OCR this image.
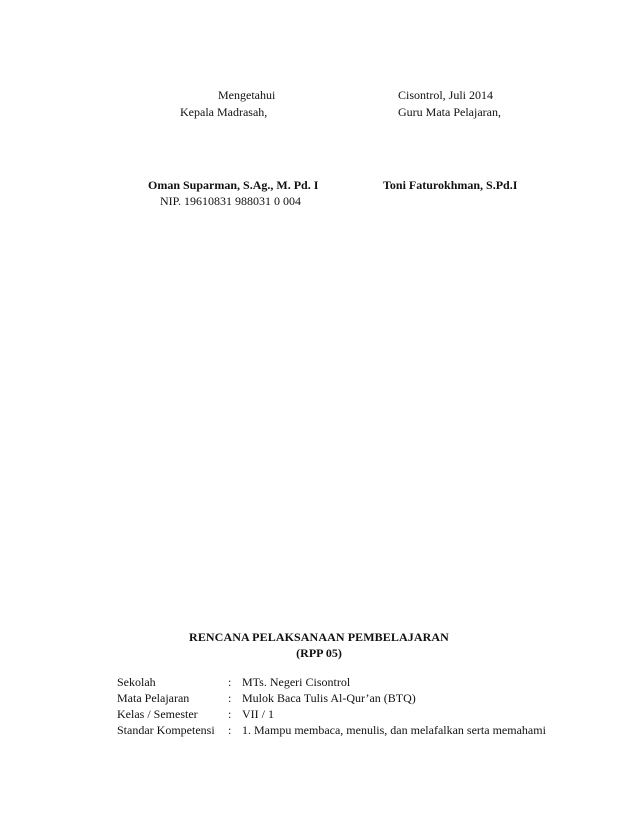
Mengetahui
Kepala Madrasah,
Cisontrol, Juli 2014
Guru Mata Pelajaran,
Oman Suparman, S.Ag., M. Pd. I
NIP. 19610831 988031 0 004
Toni Faturokhman, S.Pd.I
RENCANA PELAKSANAAN PEMBELAJARAN
(RPP 05)
Sekolah	:	MTs. Negeri Cisontrol
Mata Pelajaran	:	Mulok Baca Tulis Al-Qur’an (BTQ)
Kelas / Semester	:	VII / 1
Standar Kompetensi	:	1. Mampu membaca, menulis, dan melafalkan serta memahami
